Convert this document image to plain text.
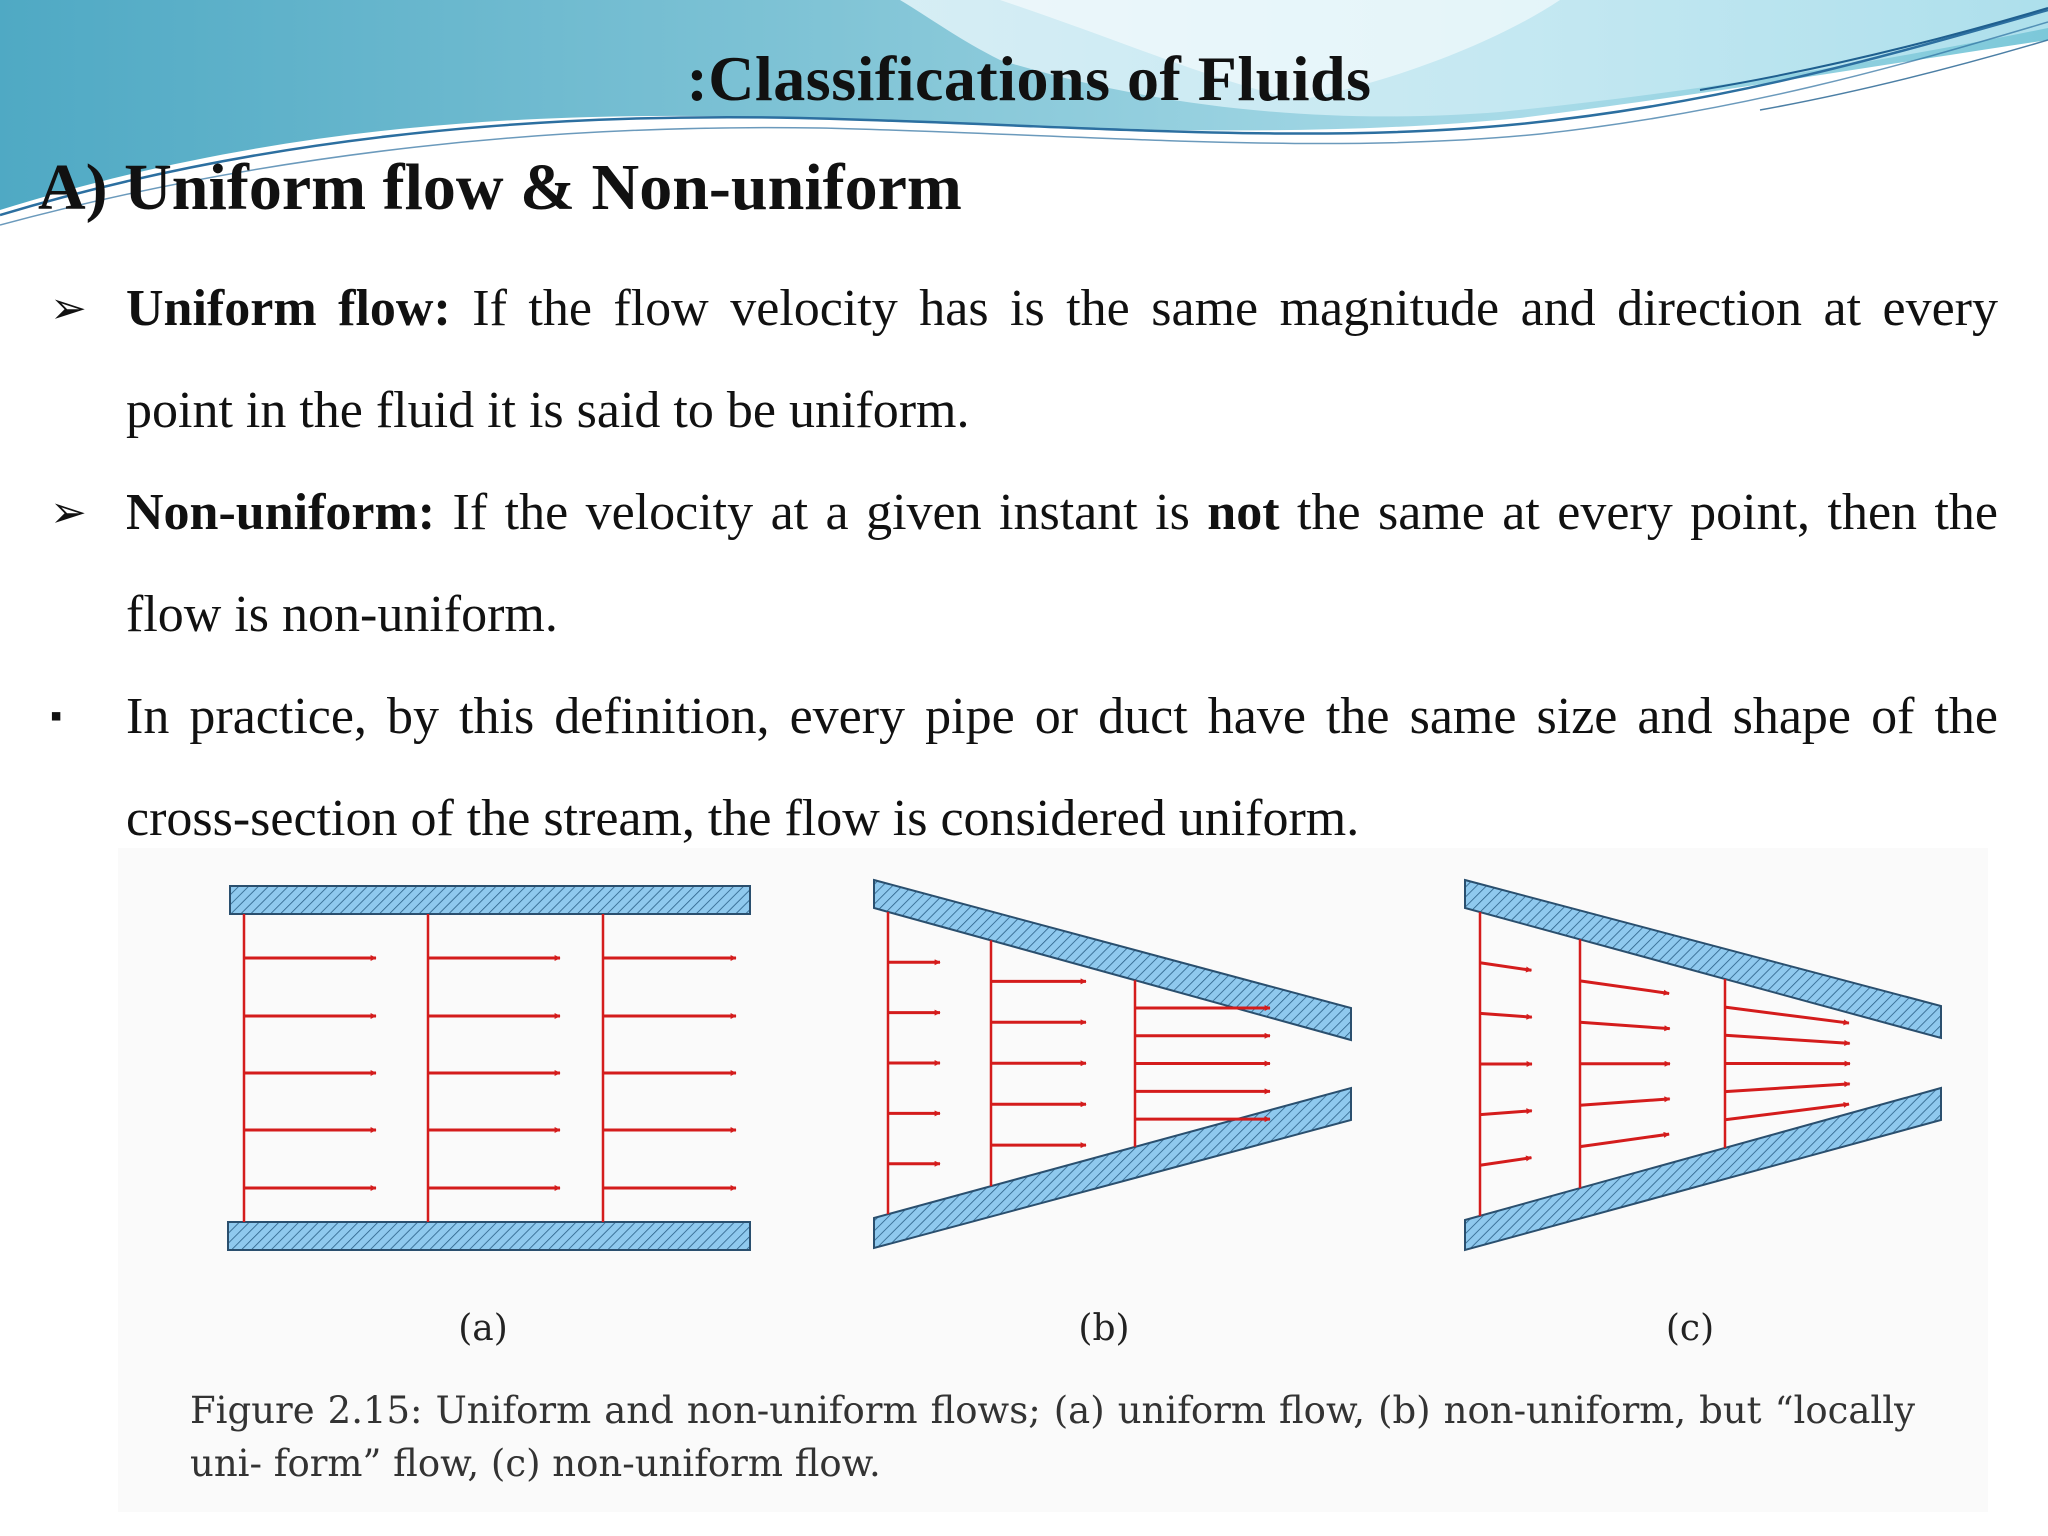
:Classifications of Fluids
A) Uniform flow & Non-uniform

➢ Uniform flow: If the flow velocity has is the same magnitude and direction at every point in the fluid it is said to be uniform.

➢ Non-uniform: If the velocity at a given instant is not the same at every point, then the flow is non-uniform.

▪	In practice, by this definition, every pipe or duct have the same size and shape of the cross-section of the stream, the flow is considered uniform.

(a)	(b)	(c)
Figure 2.15: Uniform and non-uniform flows; (a) uniform flow, (b) non-uniform, but “locally uni- form” flow, (c) non-uniform flow.
